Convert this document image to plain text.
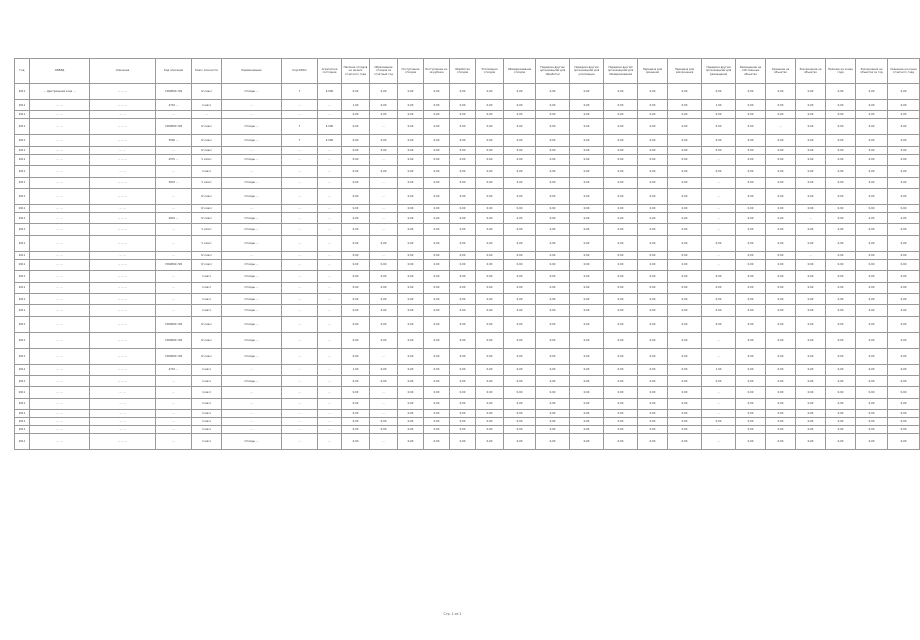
Год	ОКВЭД	Описание	Код описания	Класс опасности	Наименование	Код ФККО	Агрегатное состояние	Наличие отходов на начало отчетного года	Образование отходов за отчетный год	Поступление отходов	Поступление из-за рубежа	Обработка отходов	Утилизация отходов	Обезвреживание отходов	Передача другим организациям для обработки	Передача другим организациям для утилизации	Передача другим организациям для обезвреживания	Передача для хранения	Передача для захоронения	Передача другим организациям для размещения	Размещение на собственных объектах	Хранение на объектах	Захоронение на объектах	Наличие на конец года	Захоронение на объектах за год	Хранение на конец отчетного года
2011	… Центральная зона …	… … …	7260800.726	IV класс	Отходы …	7	4.000	0,00	0,00	0,00	0,00	0,00	0,00	0,00	0,00	0,00	0,00	0,00	0,00	0,00	0,00	0,00	0,00	0,00	0,00	0,00
2011	… …	… … …	4710 …	I класс	…	…	…	1,00	0,00	0,00	0,00	0,00	0,00	0,00	0,00	0,00	0,00	0,00	0,00	1,00	0,00	0,00	0,00	0,00	0,00	0,00
2011	… …	… …	…	…	…	…	…	0,00	0,00	0,00	0,00	0,00	0,00	0,00	0,00	0,00	0,00	0,00	0,00	0,00	0,00	0,00	0,00	0,00	0,00	0,00
2011	… …	… … …	7260800.726	IV класс	Отходы …	7	4.000	0,00	…	0,00	0,00	0,00	0,00	0,00	0,00	0,00	0,00	0,00	0,00	0,00	0,00	…	0,00	0,00	0,00	0,00
2011	… …	… … …	3500 …	IV класс	Отходы …	7	4.000	0,00	0,00	0,00	0,00	0,00	0,00	0,00	0,00	0,00	0,00	0,00	0,00	0,00	0,00	0,00	0,00	0,00	0,00	0,00
2011	… …	… …	…	IV класс	…	…	…	0,00	0,00	0,00	0,00	0,00	0,00	0,00	0,00	0,00	0,00	0,00	0,00	0,00	0,00	0,00	0,00	0,00	0,00	0,00
2011	… …	… … …	4570 …	V класс	Отходы …	…	…	0,00	…	0,00	0,00	0,00	0,00	0,00	0,00	0,00	0,00	0,00	0,00	…	0,00	0,00	0,00	0,00	0,00	0,00
2011	… …	… …	…	I класс	…	…	…	0,00	0,00	0,00	0,00	0,00	0,00	0,00	0,00	0,00	0,00	0,00	0,00	0,00	0,00	0,00	0,00	0,00	0,00	0,00
2011	… …	… … …	3670 …	V класс	Отходы …	…	…	0,00	…	0,00	0,00	0,00	0,00	0,00	0,00	0,00	0,00	0,00	0,00	…	0,00	0,00	0,00	0,00	0,00	0,00
2011	… …	… … …	…	IV класс	Отходы …	…	…	0,00	…	0,00	0,00	0,00	0,00	0,00	0,00	0,00	0,00	0,00	0,00	…	0,00	0,00	0,00	0,00	0,00	0,00
2011	… …	… …	…	IV класс	…	…	…	0,00	…	0,00	0,00	0,00	0,00	0,00	0,00	0,00	0,00	0,00	0,00	…	0,00	0,00	0,00	0,00	0,00	0,00
2011	… …	… … …	4810 …	IV класс	Отходы …	…	…	0,00	…	0,00	0,00	0,00	0,00	0,00	0,00	0,00	0,00	0,00	0,00	…	0,00	0,00	…	0,00	0,00	0,00
2011	… …	… … …	…	V класс	Отходы …	…	…	0,00	…	0,00	0,00	0,00	0,00	0,00	0,00	0,00	0,00	0,00	0,00	…	0,00	0,00	0,00	0,00	0,00	0,00
2011	… …	… … …	…	V класс	Отходы …	…	…	0,00	0,00	0,00	0,00	0,00	0,00	0,00	0,00	0,00	0,00	0,00	0,00	0,00	0,00	0,00	0,00	0,00	0,00	0,00
2011	… …	… …	…	IV класс	…	…	…	0,00	…	0,00	0,00	0,00	0,00	0,00	0,00	0,00	0,00	0,00	0,00	…	0,00	0,00	…	0,00	0,00	0,00
2011	… …	… … …	7260800.726	IV класс	Отходы …	…	…	0,00	0,00	0,00	0,00	0,00	0,00	0,00	0,00	0,00	0,00	0,00	0,00	…	0,00	0,00	0,00	0,00	0,00	0,00
2011	… …	… … …	…	I класс	Отходы …	…	…	0,00	0,00	0,00	0,00	0,00	0,00	0,00	0,00	0,00	0,00	0,00	0,00	0,00	0,00	0,00	0,00	0,00	0,00	0,00
2011	… …	… … …	…	I класс	Отходы …	…	…	0,00	0,00	0,00	0,00	0,00	0,00	0,00	0,00	0,00	0,00	0,00	0,00	0,00	0,00	0,00	0,00	0,00	0,00	0,00
2011	… …	… … …	…	I класс	Отходы …	…	…	0,00	0,00	0,00	0,00	0,00	0,00	0,00	0,00	0,00	0,00	0,00	0,00	0,00	0,00	0,00	0,00	0,00	0,00	0,00
2011	… …	… … …	…	I класс	Отходы …	…	…	0,00	0,00	0,00	0,00	0,00	0,00	0,00	0,00	0,00	0,00	0,00	0,00	0,00	0,00	0,00	0,00	0,00	0,00	0,00
2011	… …	… … …	7260800.726	IV класс	Отходы …	…	…	0,00	0,00	0,00	0,00	0,00	0,00	0,00	0,00	0,00	0,00	0,00	0,00	0,00	0,00	0,00	0,00	0,00	0,00	0,00
2011	… …	… … …	7260800.726	IV класс	Отходы …	…	…	0,00	0,00	0,00	0,00	0,00	0,00	0,00	0,00	0,00	0,00	0,00	0,00	…	0,00	0,00	0,00	0,00	0,00	0,00
2011	… …	… … …	7260800.726	IV класс	Отходы …	…	…	0,00	…	0,00	0,00	0,00	0,00	0,00	0,00	0,00	0,00	0,00	0,00	…	0,00	0,00	0,00	0,00	0,00	0,00
2011	… …	… … …	4710 …	I класс	…	…	…	1,00	0,00	0,00	0,00	0,00	0,00	0,00	0,00	0,00	0,00	0,00	0,00	1,00	0,00	0,00	0,00	0,00	0,00	0,00
2011	… …	… … …	…	I класс	Отходы …	…	…	0,00	0,00	0,00	0,00	0,00	0,00	0,00	0,00	0,00	0,00	0,00	0,00	0,00	0,00	0,00	0,00	0,00	0,00	0,00
2011	… …	… …	…	I класс	…	…	…	0,00	…	0,00	0,00	0,00	0,00	0,00	0,00	0,00	0,00	0,00	0,00	…	0,00	0,00	0,00	0,00	0,00	0,00
2011	… …	… …	…	I класс	…	…	…	0,00	…	0,00	0,00	0,00	0,00	0,00	0,00	0,00	0,00	0,00	0,00	…	0,00	0,00	0,00	0,00	0,00	0,00
2011	… …	… …	…	I класс	…	…	…	0,00	…	0,00	0,00	0,00	0,00	0,00	0,00	0,00	0,00	0,00	0,00	…	0,00	0,00	0,00	0,00	0,00	0,00
2011	… …	… …	…	I класс	…	…	…	0,00	0,00	0,00	0,00	0,00	0,00	0,00	0,00	0,00	0,00	0,00	0,00	0,00	0,00	0,00	0,00	0,00	0,00	0,00
2011	… …	… …	…	I класс	…	…	…	0,00	0,00	0,00	0,00	0,00	0,00	0,00	0,00	0,00	0,00	0,00	0,00	…	0,00	0,00	0,00	0,00	0,00	0,00
2011	… …	… … …	…	I класс	Отходы …	…	…	0,00	…	0,00	0,00	0,00	0,00	0,00	0,00	0,00	0,00	0,00	0,00	…	0,00	0,00	0,00	0,00	0,00	0,00
Стр. 1 из 1
